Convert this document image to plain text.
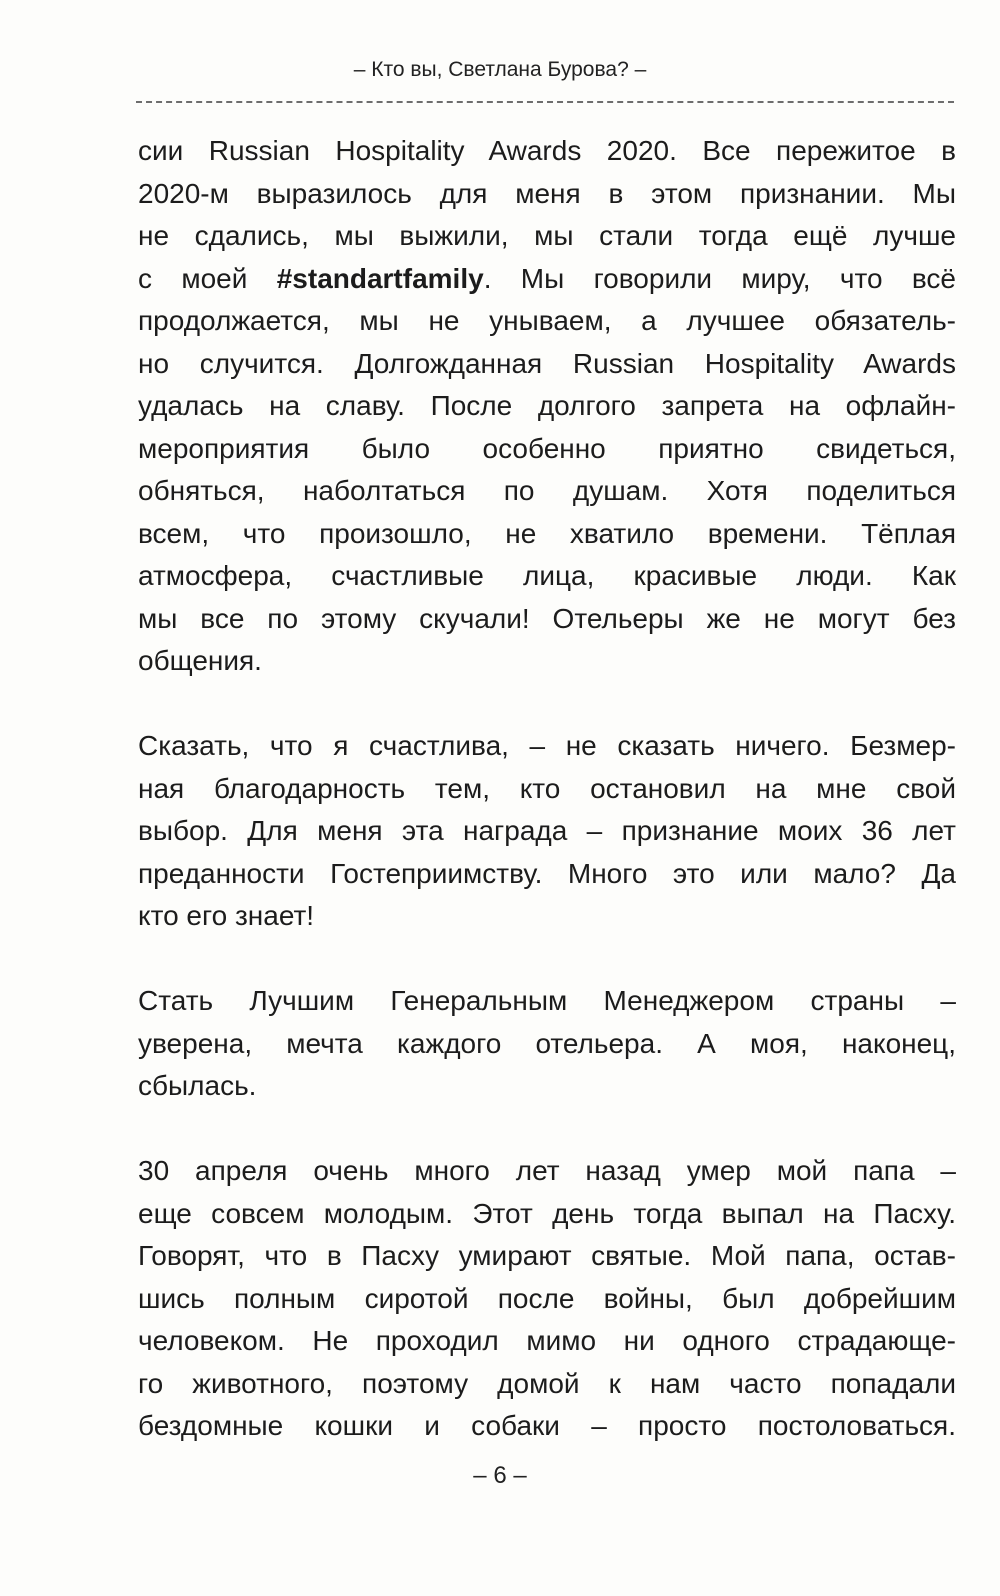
– Кто вы, Светлана Бурова? –
сии Russian Hospitality Awards 2020. Все пережитое в
2020-м выразилось для меня в этом признании. Мы
не сдались, мы выжили, мы стали тогда ещё лучше
с моей #standartfamily. Мы говорили миру, что всё
продолжается, мы не унываем, а лучшее обязатель-
но случится. Долгожданная Russian Hospitality Awards
удалась на славу. После долгого запрета на офлайн-
мероприятия было особенно приятно свидеться,
обняться, наболтаться по душам. Хотя поделиться
всем, что произошло, не хватило времени. Тёплая
атмосфера, счастливые лица, красивые люди. Как
мы все по этому скучали! Отельеры же не могут без
общения.
Сказать, что я счастлива, – не сказать ничего. Безмер-
ная благодарность тем, кто остановил на мне свой
выбор. Для меня эта награда – признание моих 36 лет
преданности Гостеприимству. Много это или мало? Да
кто его знает!
Стать Лучшим Генеральным Менеджером страны –
уверена, мечта каждого отельера. А моя, наконец,
сбылась.
30 апреля очень много лет назад умер мой папа –
еще совсем молодым. Этот день тогда выпал на Пасху.
Говорят, что в Пасху умирают святые. Мой папа, остав-
шись полным сиротой после войны, был добрейшим
человеком. Не проходил мимо ни одного страдающе-
го животного, поэтому домой к нам часто попадали
бездомные кошки и собаки – просто постоловаться.
– 6 –
